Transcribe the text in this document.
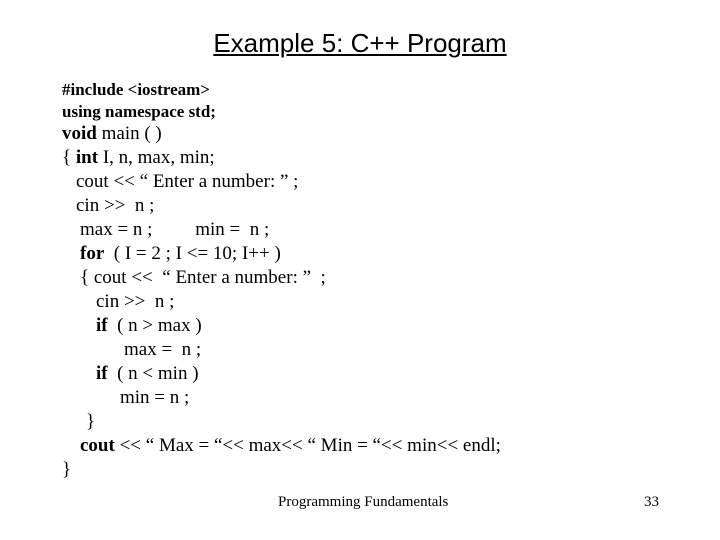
Example 5: C++ Program
#include <iostream>
using namespace std;
void main ( )
{ int I, n, max, min;
cout << “ Enter a number: ” ;
cin >>  n ;
max = n ;         min =  n ;
for  ( I = 2 ; I <= 10; I++ )
{ cout <<  “ Enter a number: ”  ;
cin >>  n ;
if  ( n > max )
max =  n ;
if  ( n < min )
min = n ;
}
cout << “ Max = “<< max<< “ Min = “<< min<< endl;
}
Programming Fundamentals	33
